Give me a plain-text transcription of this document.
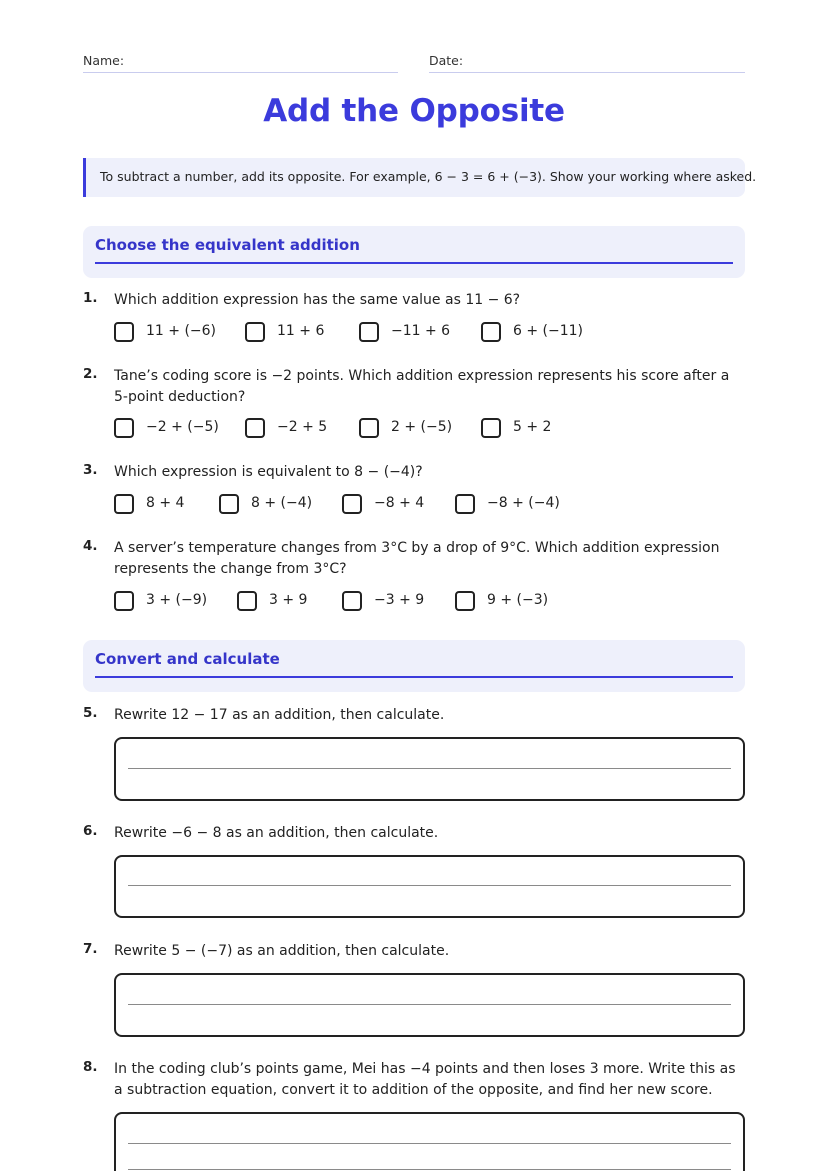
Name:	Date:
Add the Opposite
To subtract a number, add its opposite. For example, 6 − 3 = 6 + (−3). Show your working where asked.
Choose the equivalent addition
1. Which addition expression has the same value as 11 − 6?
11 + (−6)	11 + 6	−11 + 6	6 + (−11)
2. Tane’s coding score is −2 points. Which addition expression represents his score after a 5-point deduction?
−2 + (−5)	−2 + 5	2 + (−5)	5 + 2
3. Which expression is equivalent to 8 − (−4)?
8 + 4	8 + (−4)	−8 + 4	−8 + (−4)
4. A server’s temperature changes from 3°C by a drop of 9°C. Which addition expression represents the change from 3°C?
3 + (−9)	3 + 9	−3 + 9	9 + (−3)
Convert and calculate
5. Rewrite 12 − 17 as an addition, then calculate.
6. Rewrite −6 − 8 as an addition, then calculate.
7. Rewrite 5 − (−7) as an addition, then calculate.
8. In the coding club’s points game, Mei has −4 points and then loses 3 more. Write this as a subtraction equation, convert it to addition of the opposite, and find her new score.
